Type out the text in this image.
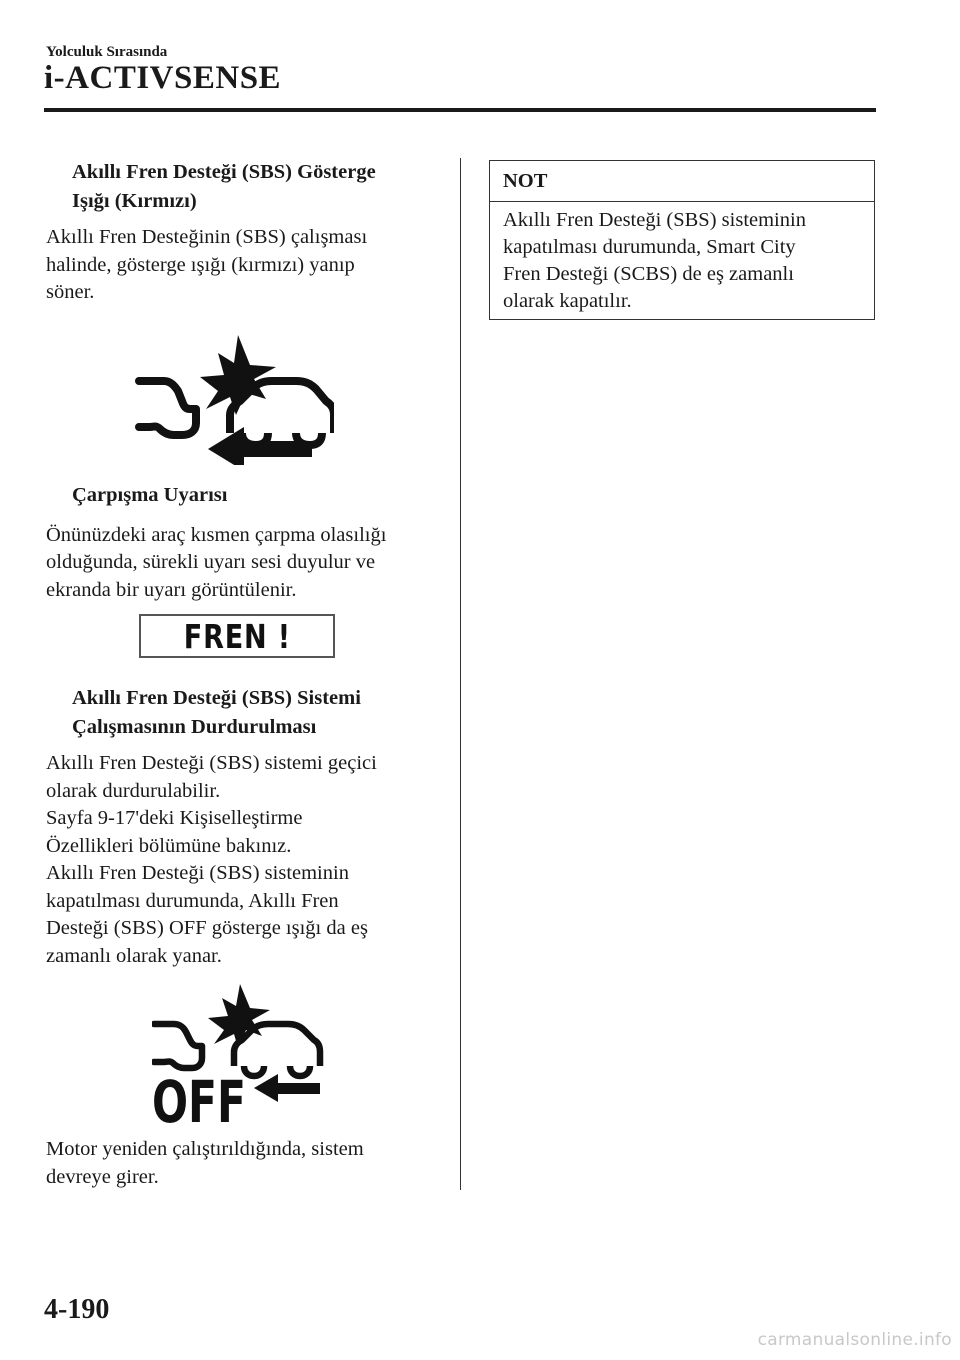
Yolculuk Sırasında
i-ACTIVSENSE
Akıllı Fren Desteği (SBS) Gösterge
Işığı (Kırmızı)

Akıllı Fren Desteğinin (SBS) çalışması

halinde, gösterge ışığı (kırmızı) yanıp

söner.

Çarpışma Uyarısı

Önünüzdeki araç kısmen çarpma olasılığı

olduğunda, sürekli uyarı sesi duyulur ve

ekranda bir uyarı görüntülenir.

FREN !
Akıllı Fren Desteği (SBS) Sistemi
Çalışmasının Durdurulması

Akıllı Fren Desteği (SBS) sistemi geçici

olarak durdurulabilir.

Sayfa 9-17'deki Kişiselleştirme

Özellikleri bölümüne bakınız.

Akıllı Fren Desteği (SBS) sisteminin

kapatılması durumunda, Akıllı Fren

Desteği (SBS) OFF gösterge ışığı da eş

zamanlı olarak yanar.

OFF

Motor yeniden çalıştırıldığında, sistem

devreye girer.

NOT
Akıllı Fren Desteği (SBS) sisteminin
kapatılması durumunda, Smart City
Fren Desteği (SCBS) de eş zamanlı
olarak kapatılır.
4-190
carmanualsonline.info
